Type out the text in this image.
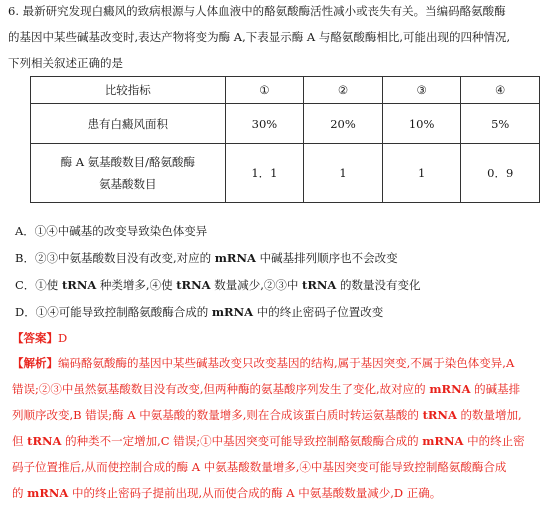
6. 最新研究发现白癜风的致病根源与人体血液中的酪氨酸酶活性减小或丧失有关。当编码酪氨酸酶
的基因中某些碱基改变时,表达产物将变为酶 A,下表显示酶 A 与酪氨酸酶相比,可能出现的四种情况,
下列相关叙述正确的是
比较指标	①	②	③	④
患有白癜风面积	30%	20%	10%	5%

酶 A 氨基酸数目/酪氨酸酶
氨基酸数目	1．1	1	1	0．9
A．①④中碱基的改变导致染色体变异
B．②③中氨基酸数目没有改变,对应的 mRNA 中碱基排列顺序也不会改变
C．①使 tRNA 种类增多,④使 tRNA 数量减少,②③中 tRNA 的数量没有变化
D．①④可能导致控制酪氨酸酶合成的 mRNA 中的终止密码子位置改变
【答案】D
【解析】编码酪氨酸酶的基因中某些碱基改变只改变基因的结构,属于基因突变,不属于染色体变异,A
错误;②③中虽然氨基酸数目没有改变,但两种酶的氨基酸序列发生了变化,故对应的 mRNA 的碱基排
列顺序改变,B 错误;酶 A 中氨基酸的数量增多,则在合成该蛋白质时转运氨基酸的 tRNA 的数量增加,
但 tRNA 的种类不一定增加,C 错误;①中基因突变可能导致控制酪氨酸酶合成的 mRNA 中的终止密
码子位置推后,从而使控制合成的酶 A 中氨基酸数量增多,④中基因突变可能导致控制酪氨酸酶合成
的 mRNA 中的终止密码子提前出现,从而使合成的酶 A 中氨基酸数量减少,D 正确。
